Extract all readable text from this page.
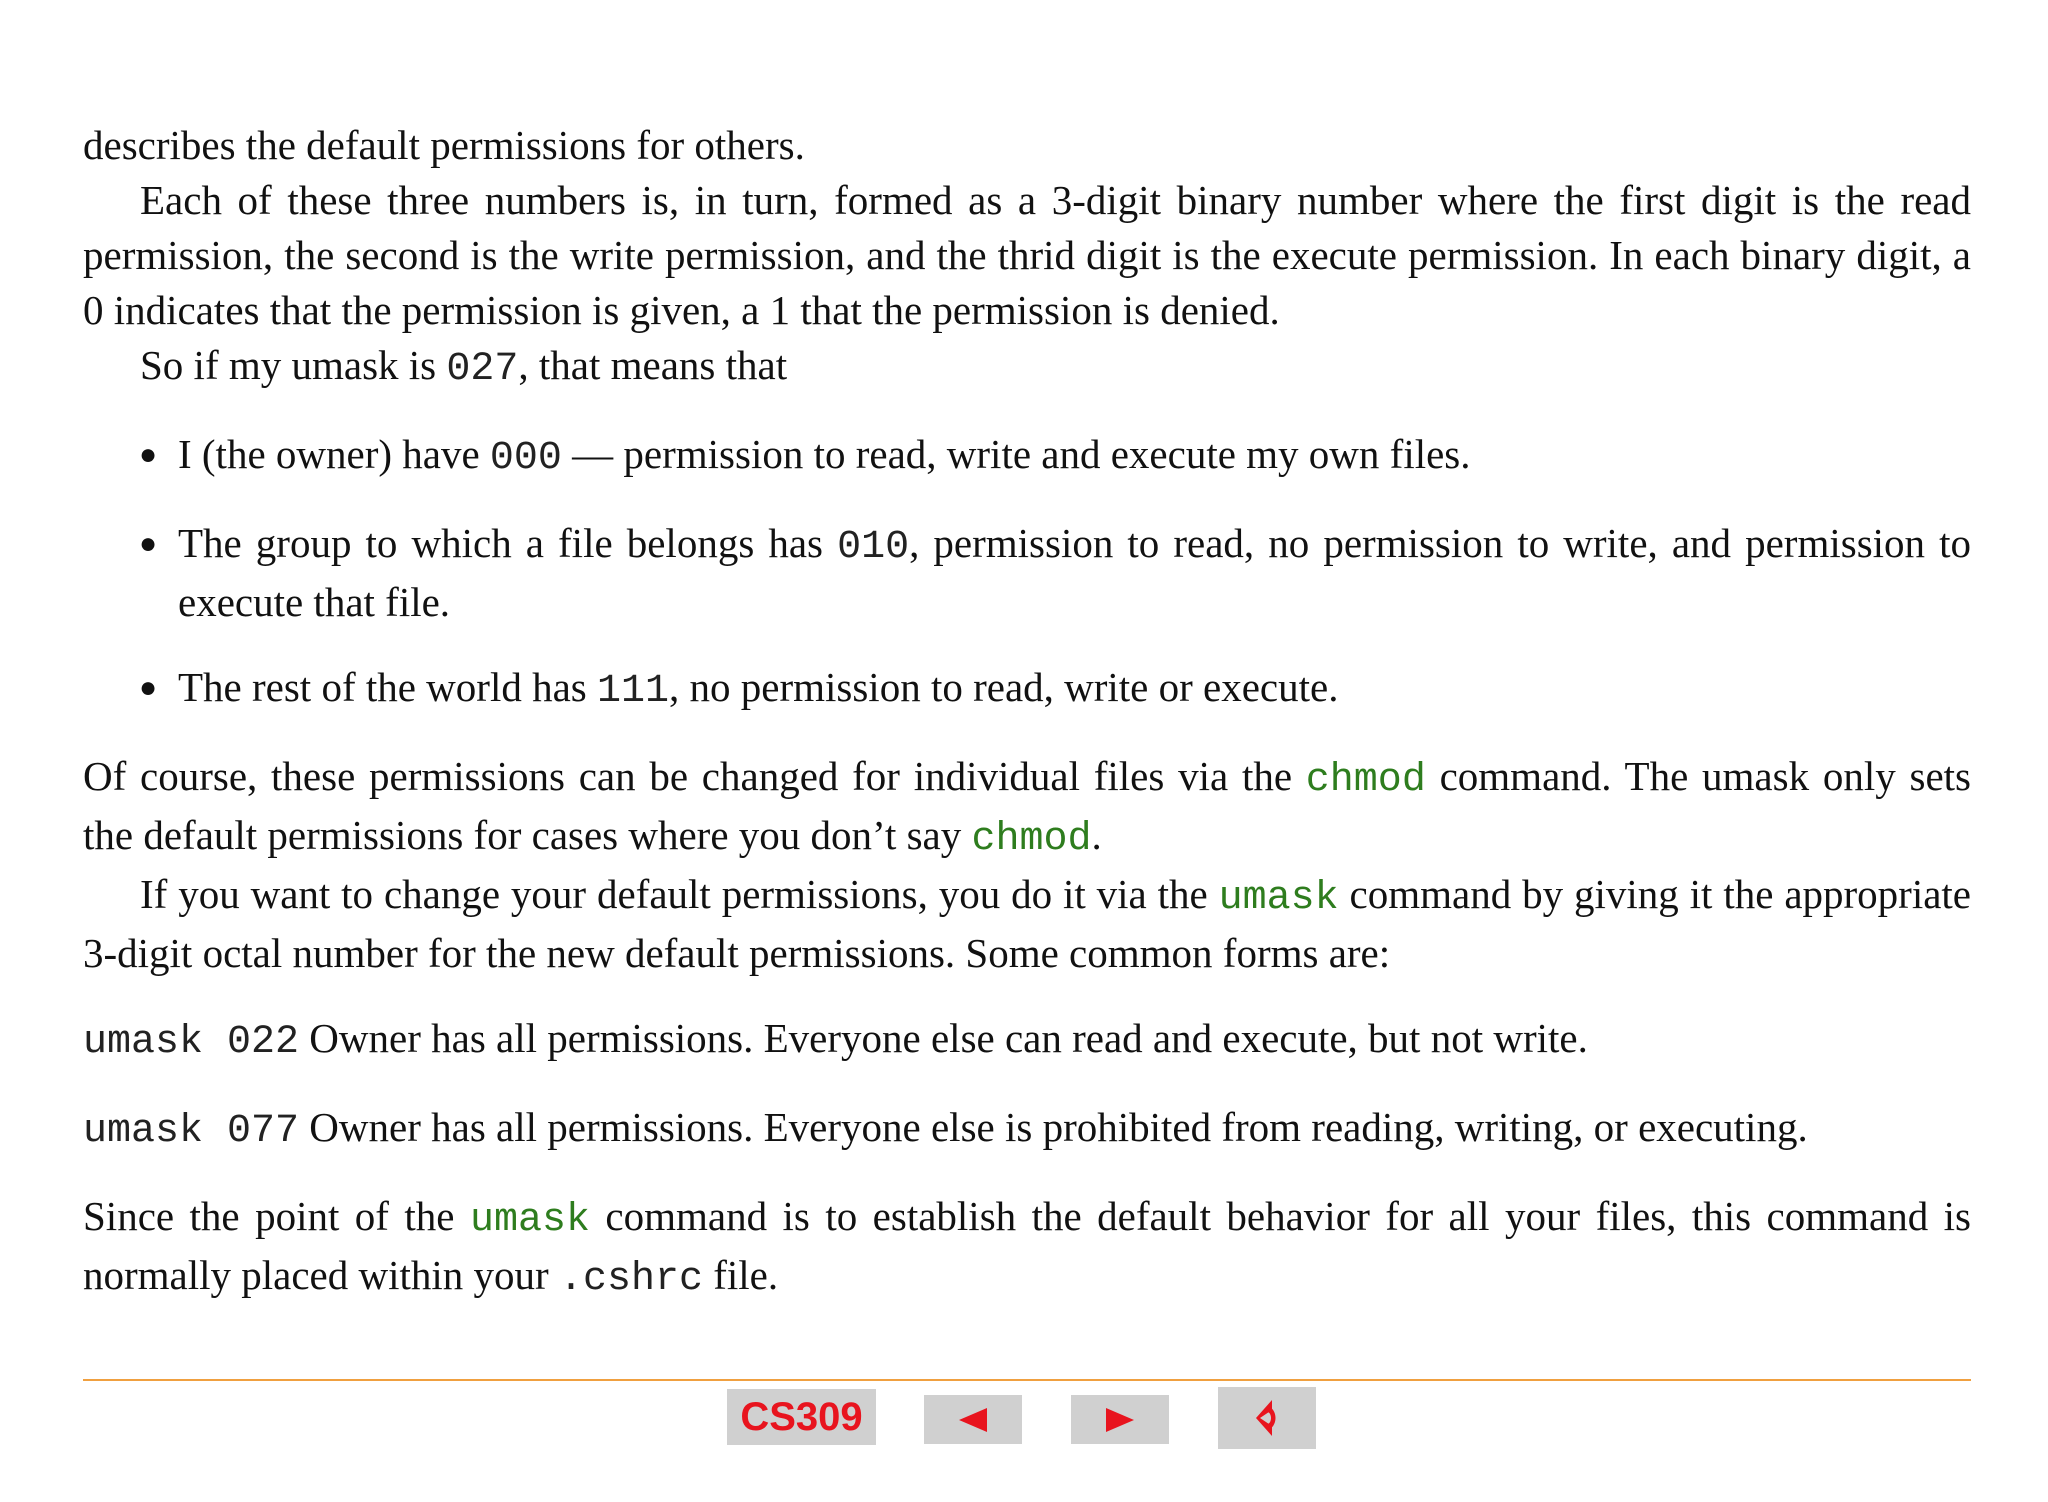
describes the default permissions for others.

Each of these three numbers is, in turn, formed as a 3-digit binary number where the first digit is the read permission, the second is the write permission, and the thrid digit is the execute permission. In each binary digit, a 0 indicates that the permission is given, a 1 that the permission is denied.

So if my umask is 027, that means that

● I (the owner) have 000 — permission to read, write and execute my own files.
● The group to which a file belongs has 010, permission to read, no permission to write, and permission to execute that file.
● The rest of the world has 111, no permission to read, write or execute.

Of course, these permissions can be changed for individual files via the chmod command. The umask only sets the default permissions for cases where you don’t say chmod.

If you want to change your default permissions, you do it via the umask command by giving it the appropriate 3-digit octal number for the new default permissions. Some common forms are:

umask 022 Owner has all permissions. Everyone else can read and execute, but not write.
umask 077 Owner has all permissions. Everyone else is prohibited from reading, writing, or executing.

Since the point of the umask command is to establish the default behavior for all your files, this command is normally placed within your .cshrc file.

CS309
